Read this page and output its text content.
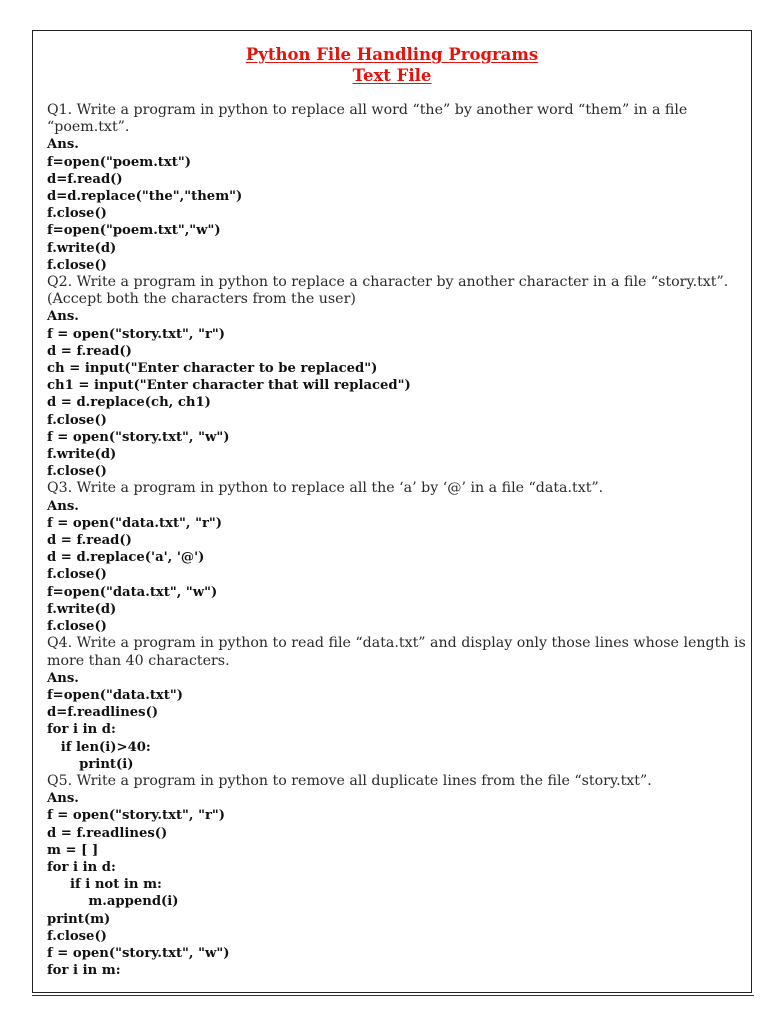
Python File Handling Programs
Text File
Q1. Write a program in python to replace all word “the” by another word “them” in a file “poem.txt”.
Ans.
f=open("poem.txt")
d=f.read()
d=d.replace("the","them")
f.close()
f=open("poem.txt","w")
f.write(d)
f.close()
Q2. Write a program in python to replace a character by another character in a file “story.txt”. (Accept both the characters from the user)
Ans.
f = open("story.txt", "r")
d = f.read()
ch = input("Enter character to be replaced")
ch1 = input("Enter character that will replaced")
d = d.replace(ch, ch1)
f.close()
f = open("story.txt", "w")
f.write(d)
f.close()
Q3. Write a program in python to replace all the ‘a’ by ‘@’ in a file “data.txt”.
Ans.
f = open("data.txt", "r")
d = f.read()
d = d.replace('a', '@')
f.close()
f=open("data.txt", "w")
f.write(d)
f.close()
Q4. Write a program in python to read file “data.txt” and display only those lines whose length is more than 40 characters.
Ans.
f=open("data.txt")
d=f.readlines()
for i in d:
if len(i)>40:
print(i)
Q5. Write a program in python to remove all duplicate lines from the file “story.txt”.
Ans.
f = open("story.txt", "r")
d = f.readlines()
m = [ ]
for i in d:
if i not in m:
m.append(i)
print(m)
f.close()
f = open("story.txt", "w")
for i in m:
